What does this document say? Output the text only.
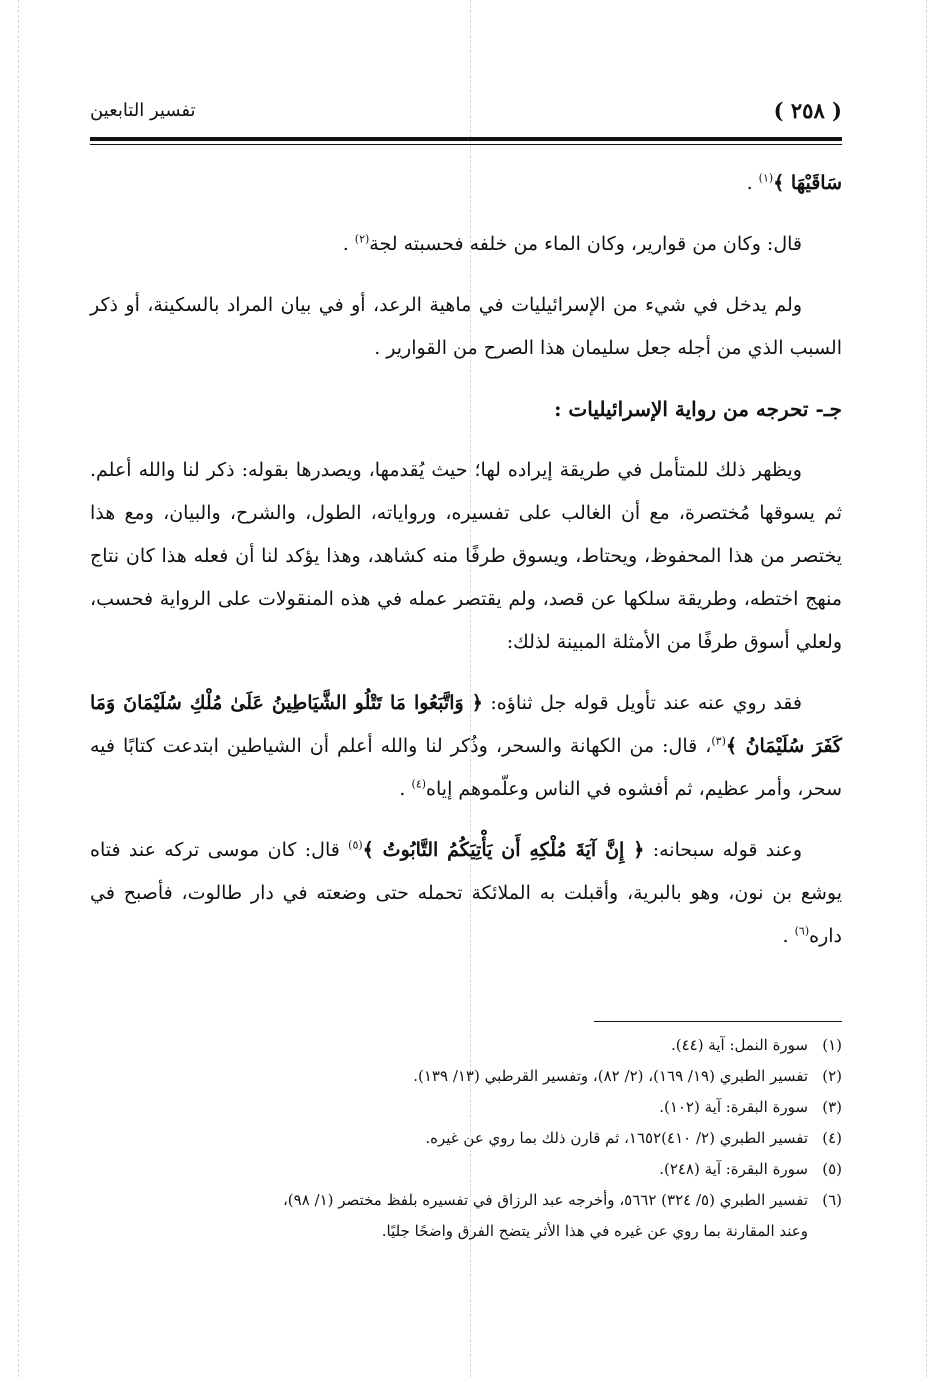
( ٢٥٨ )
تفسير التابعين

سَاقَيْهَا ﴾$^{(١)}$ .

قال: وكان من قوارير، وكان الماء من خلفه فحسبته لجة$^{(٢)}$ .

ولم يدخل في شيء من الإسرائيليات في ماهية الرعد، أو في بيان المراد بالسكينة، أو ذكر السبب الذي من أجله جعل سليمان هذا الصرح من القوارير .

جـ- تحرجه من رواية الإسرائيليات :

ويظهر ذلك للمتأمل في طريقة إيراده لها؛ حيث يُقدمها، ويصدرها بقوله: ذكر لنا والله أعلم. ثم يسوقها مُختصرة، مع أن الغالب على تفسيره، ورواياته، الطول، والشرح، والبيان، ومع هذا يختصر من هذا المحفوظ، ويحتاط، ويسوق طرفًا منه كشاهد، وهذا يؤكد لنا أن فعله هذا كان نتاج منهج اختطه، وطريقة سلكها عن قصد، ولم يقتصر عمله في هذه المنقولات على الرواية فحسب، ولعلي أسوق طرفًا من الأمثلة المبينة لذلك:

فقد روي عنه عند تأويل قوله جل ثناؤه: ﴿ وَاتَّبَعُوا مَا تَتْلُو الشَّيَاطِينُ عَلَىٰ مُلْكِ سُلَيْمَانَ وَمَا كَفَرَ سُلَيْمَانُ ﴾$^{(٣)}$، قال: من الكهانة والسحر، وذُكر لنا والله أعلم أن الشياطين ابتدعت كتابًا فيه سحر، وأمر عظيم، ثم أفشوه في الناس وعلّموهم إياه$^{(٤)}$ .

وعند قوله سبحانه: ﴿ إِنَّ آيَةَ مُلْكِهِ أَن يَأْتِيَكُمُ التَّابُوتُ ﴾$^{(٥)}$ قال: كان موسى تركه عند فتاه يوشع بن نون، وهو بالبرية، وأقبلت به الملائكة تحمله حتى وضعته في دار طالوت، فأصبح في داره$^{(٦)}$ .

(١)سورة النمل: آية (٤٤).

(٢)تفسير الطبري (١٩/ ١٦٩)، (٢/ ٨٢)، وتفسير القرطبي (١٣/ ١٣٩).

(٣)سورة البقرة: آية (١٠٢).

(٤)تفسير الطبري (٢/ ٤١٠)١٦٥٢، ثم قارن ذلك بما روي عن غيره.

(٥)سورة البقرة: آية (٢٤٨).

(٦)تفسير الطبري (٥/ ٣٢٤) ٥٦٦٢، وأخرجه عبد الرزاق في تفسيره بلفظ مختصر (١/ ٩٨)،

وعند المقارنة بما روي عن غيره في هذا الأثر يتضح الفرق واضحًا جليًا.
